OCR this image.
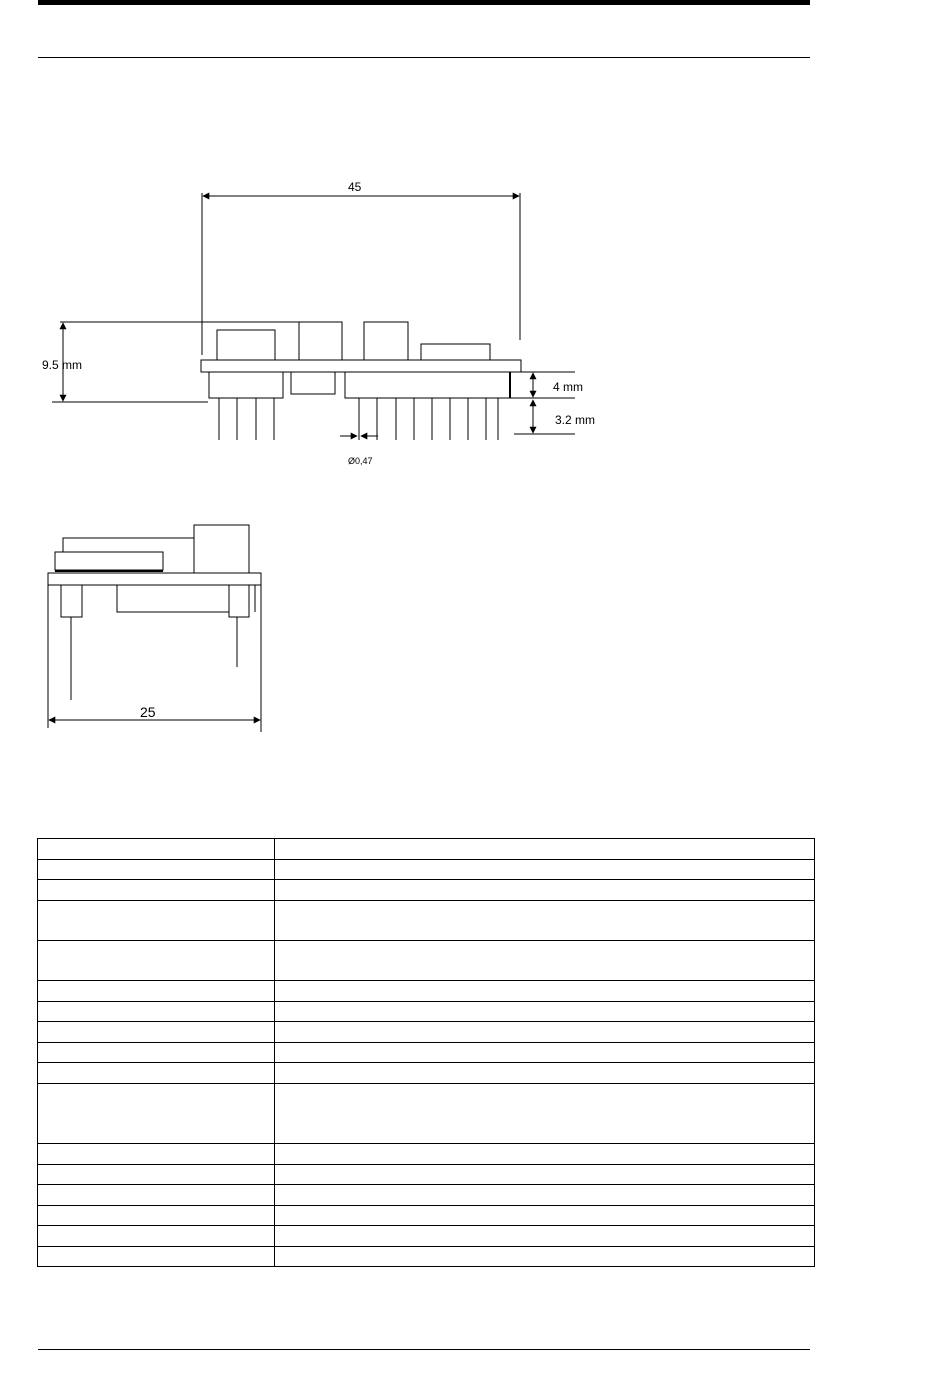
45
9.5 mm
4 mm
3.2 mm
Ø0,47
25
